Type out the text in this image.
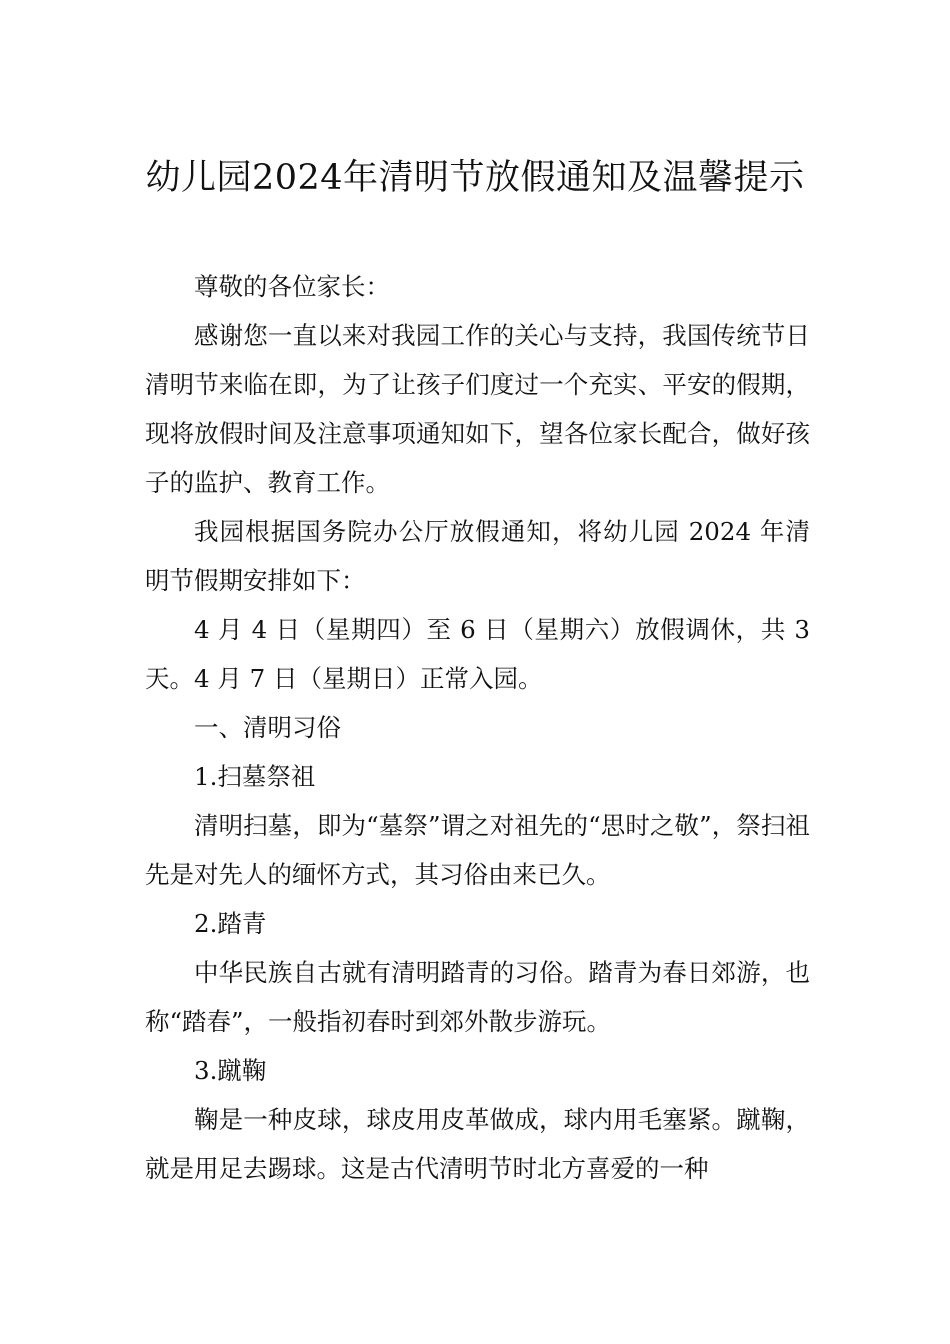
幼儿园2024年清明节放假通知及温馨提示

尊敬的各位家长：

感谢您一直以来对我园工作的关心与支持，我国传统节日清明节来临在即，为了让孩子们度过一个充实、平安的假期，现将放假时间及注意事项通知如下，望各位家长配合，做好孩子的监护、教育工作。

我园根据国务院办公厅放假通知，将幼儿园 2024 年清明节假期安排如下：

4 月 4 日（星期四）至 6 日（星期六）放假调休，共 3 天。4 月 7 日（星期日）正常入园。

一、清明习俗

1.扫墓祭祖

清明扫墓，即为“墓祭”谓之对祖先的“思时之敬”，祭扫祖先是对先人的缅怀方式，其习俗由来已久。

2.踏青

中华民族自古就有清明踏青的习俗。踏青为春日郊游，也称“踏春”，一般指初春时到郊外散步游玩。

3.蹴鞠

鞠是一种皮球，球皮用皮革做成，球内用毛塞紧。蹴鞠，就是用足去踢球。这是古代清明节时北方喜爱的一种
